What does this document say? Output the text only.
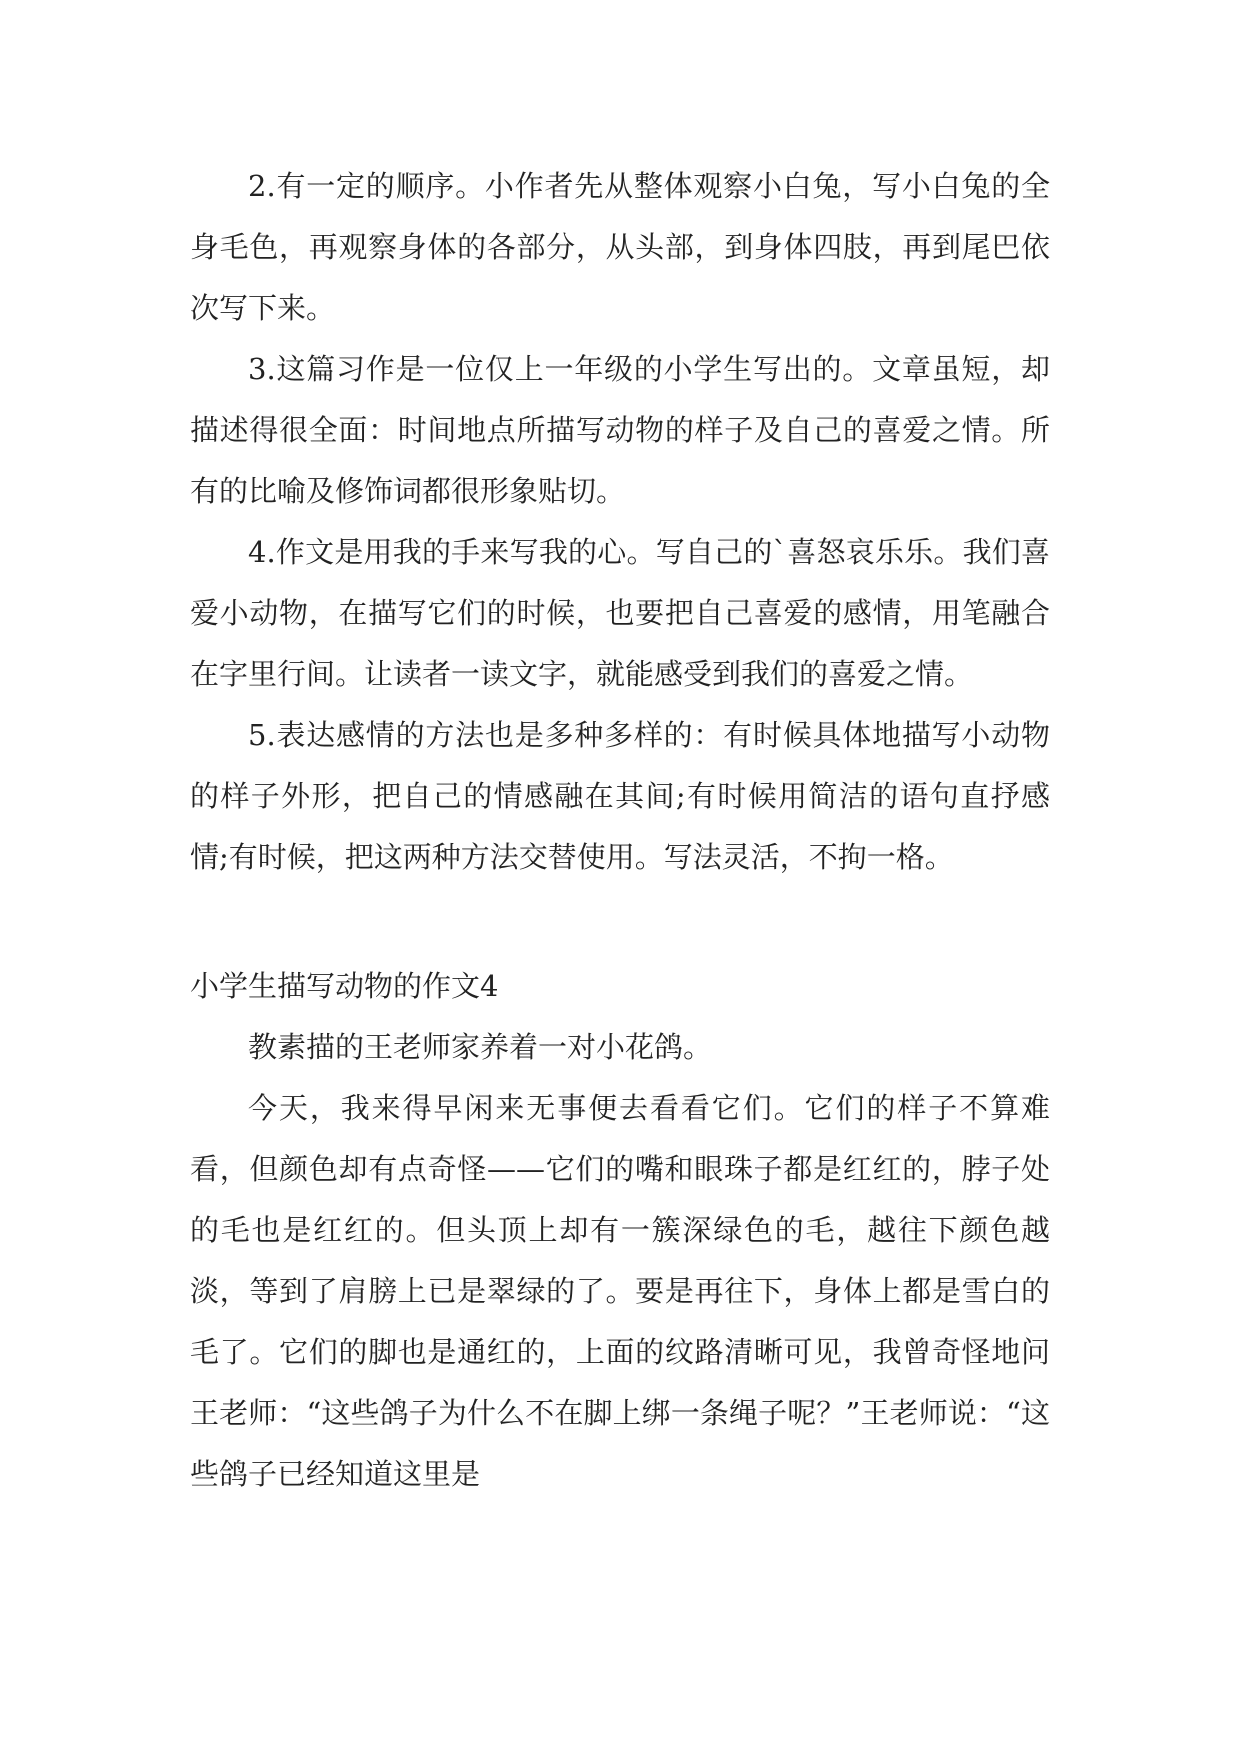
2.有一定的顺序。小作者先从整体观察小白兔，写小白兔的全身毛色，再观察身体的各部分，从头部，到身体四肢，再到尾巴依次写下来。

3.这篇习作是一位仅上一年级的小学生写出的。文章虽短，却描述得很全面：时间地点所描写动物的样子及自己的喜爱之情。所有的比喻及修饰词都很形象贴切。

4.作文是用我的手来写我的心。写自己的`喜怒哀乐乐。我们喜爱小动物，在描写它们的时候，也要把自己喜爱的感情，用笔融合在字里行间。让读者一读文字，就能感受到我们的喜爱之情。

5.表达感情的方法也是多种多样的：有时候具体地描写小动物的样子外形，把自己的情感融在其间;有时候用简洁的语句直抒感情;有时候，把这两种方法交替使用。写法灵活，不拘一格。

小学生描写动物的作文4

教素描的王老师家养着一对小花鸽。

今天，我来得早闲来无事便去看看它们。它们的样子不算难看，但颜色却有点奇怪——它们的嘴和眼珠子都是红红的，脖子处的毛也是红红的。但头顶上却有一簇深绿色的毛，越往下颜色越淡，等到了肩膀上已是翠绿的了。要是再往下，身体上都是雪白的毛了。它们的脚也是通红的，上面的纹路清晰可见，我曾奇怪地问王老师：“这些鸽子为什么不在脚上绑一条绳子呢？”王老师说：“这些鸽子已经知道这里是
